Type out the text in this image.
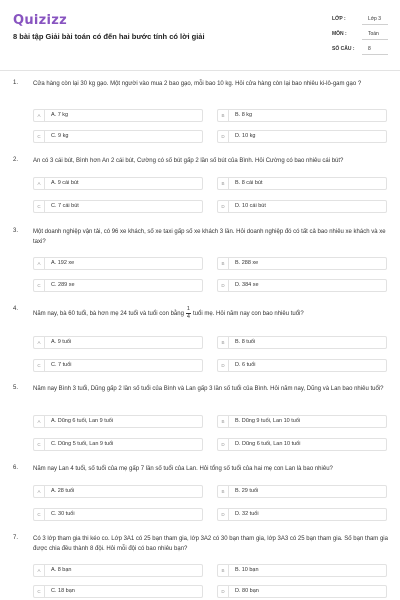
Quizizz
8 bài tập Giải bài toán có đến hai bước tính có lời giải
LỚP :	Lớp 3
MÔN :	Toán
SỐ CÂU :	8
1. Cửa hàng còn lại 30 kg gạo. Một người vào mua 2 bao gạo, mỗi bao 10 kg. Hỏi cửa hàng còn lại bao nhiêu ki-lô-gam gạo ?
A	A. 7 kg	B	B. 8 kg
C	C. 9 kg	D	D. 10 kg
2. An có 3 cái bút, Bình hơn An 2 cái bút, Cường có số bút gấp 2 lần số bút của Bình. Hỏi Cường có bao nhiêu cái bút?
A	A. 9 cái bút	B	B. 8 cái bút
C	C. 7 cái bút	D	D. 10 cái bút
3. Một doanh nghiệp vận tải, có 96 xe khách, số xe taxi gấp số xe khách 3 lần. Hỏi doanh nghiệp đó có tất cả bao nhiêu xe khách và xe taxi?
A	A. 192 xe	B	B. 288 xe
C	C. 289 xe	D	D. 384 xe
4.
Năm nay, bà 60 tuổi, bà hơn mẹ 24 tuổi và tuổi con bằng $\frac{1}{4}$ tuổi mẹ. Hỏi năm nay con bao nhiêu tuổi?
A	A. 9 tuổi	B	B. 8 tuổi
C	C. 7 tuổi	D	D. 6 tuổi
5. Năm nay Bình 3 tuổi, Dũng gấp 2 lần số tuổi của Bình và Lan gấp 3 lần số tuổi của Bình. Hỏi năm nay, Dũng và Lan bao nhiêu tuổi?
A	A. Dũng 6 tuổi, Lan 9 tuổi	B	B. Dũng 9 tuổi, Lan 10 tuổi
C	C. Dũng 5 tuổi, Lan 9 tuổi	D	D. Dũng 6 tuổi, Lan 10 tuổi
6. Năm nay Lan 4 tuổi, số tuổi của mẹ gấp 7 lần số tuổi của Lan. Hỏi tổng số tuổi của hai mẹ con Lan là bao nhiêu?
A	A. 28 tuổi	B	B. 29 tuổi
C	C. 30 tuổi	D	D. 32 tuổi
7. Có 3 lớp tham gia thi kéo co. Lớp 3A1 có 25 bạn tham gia, lớp 3A2 có 30 bạn tham gia, lớp 3A3 có 25 bạn tham gia. Số bạn tham gia được chia đều thành 8 đội. Hỏi mỗi đội có bao nhiêu bạn?
A	A. 8 bạn	B	B. 10 bạn
C	C. 18 bạn	D	D. 80 bạn
